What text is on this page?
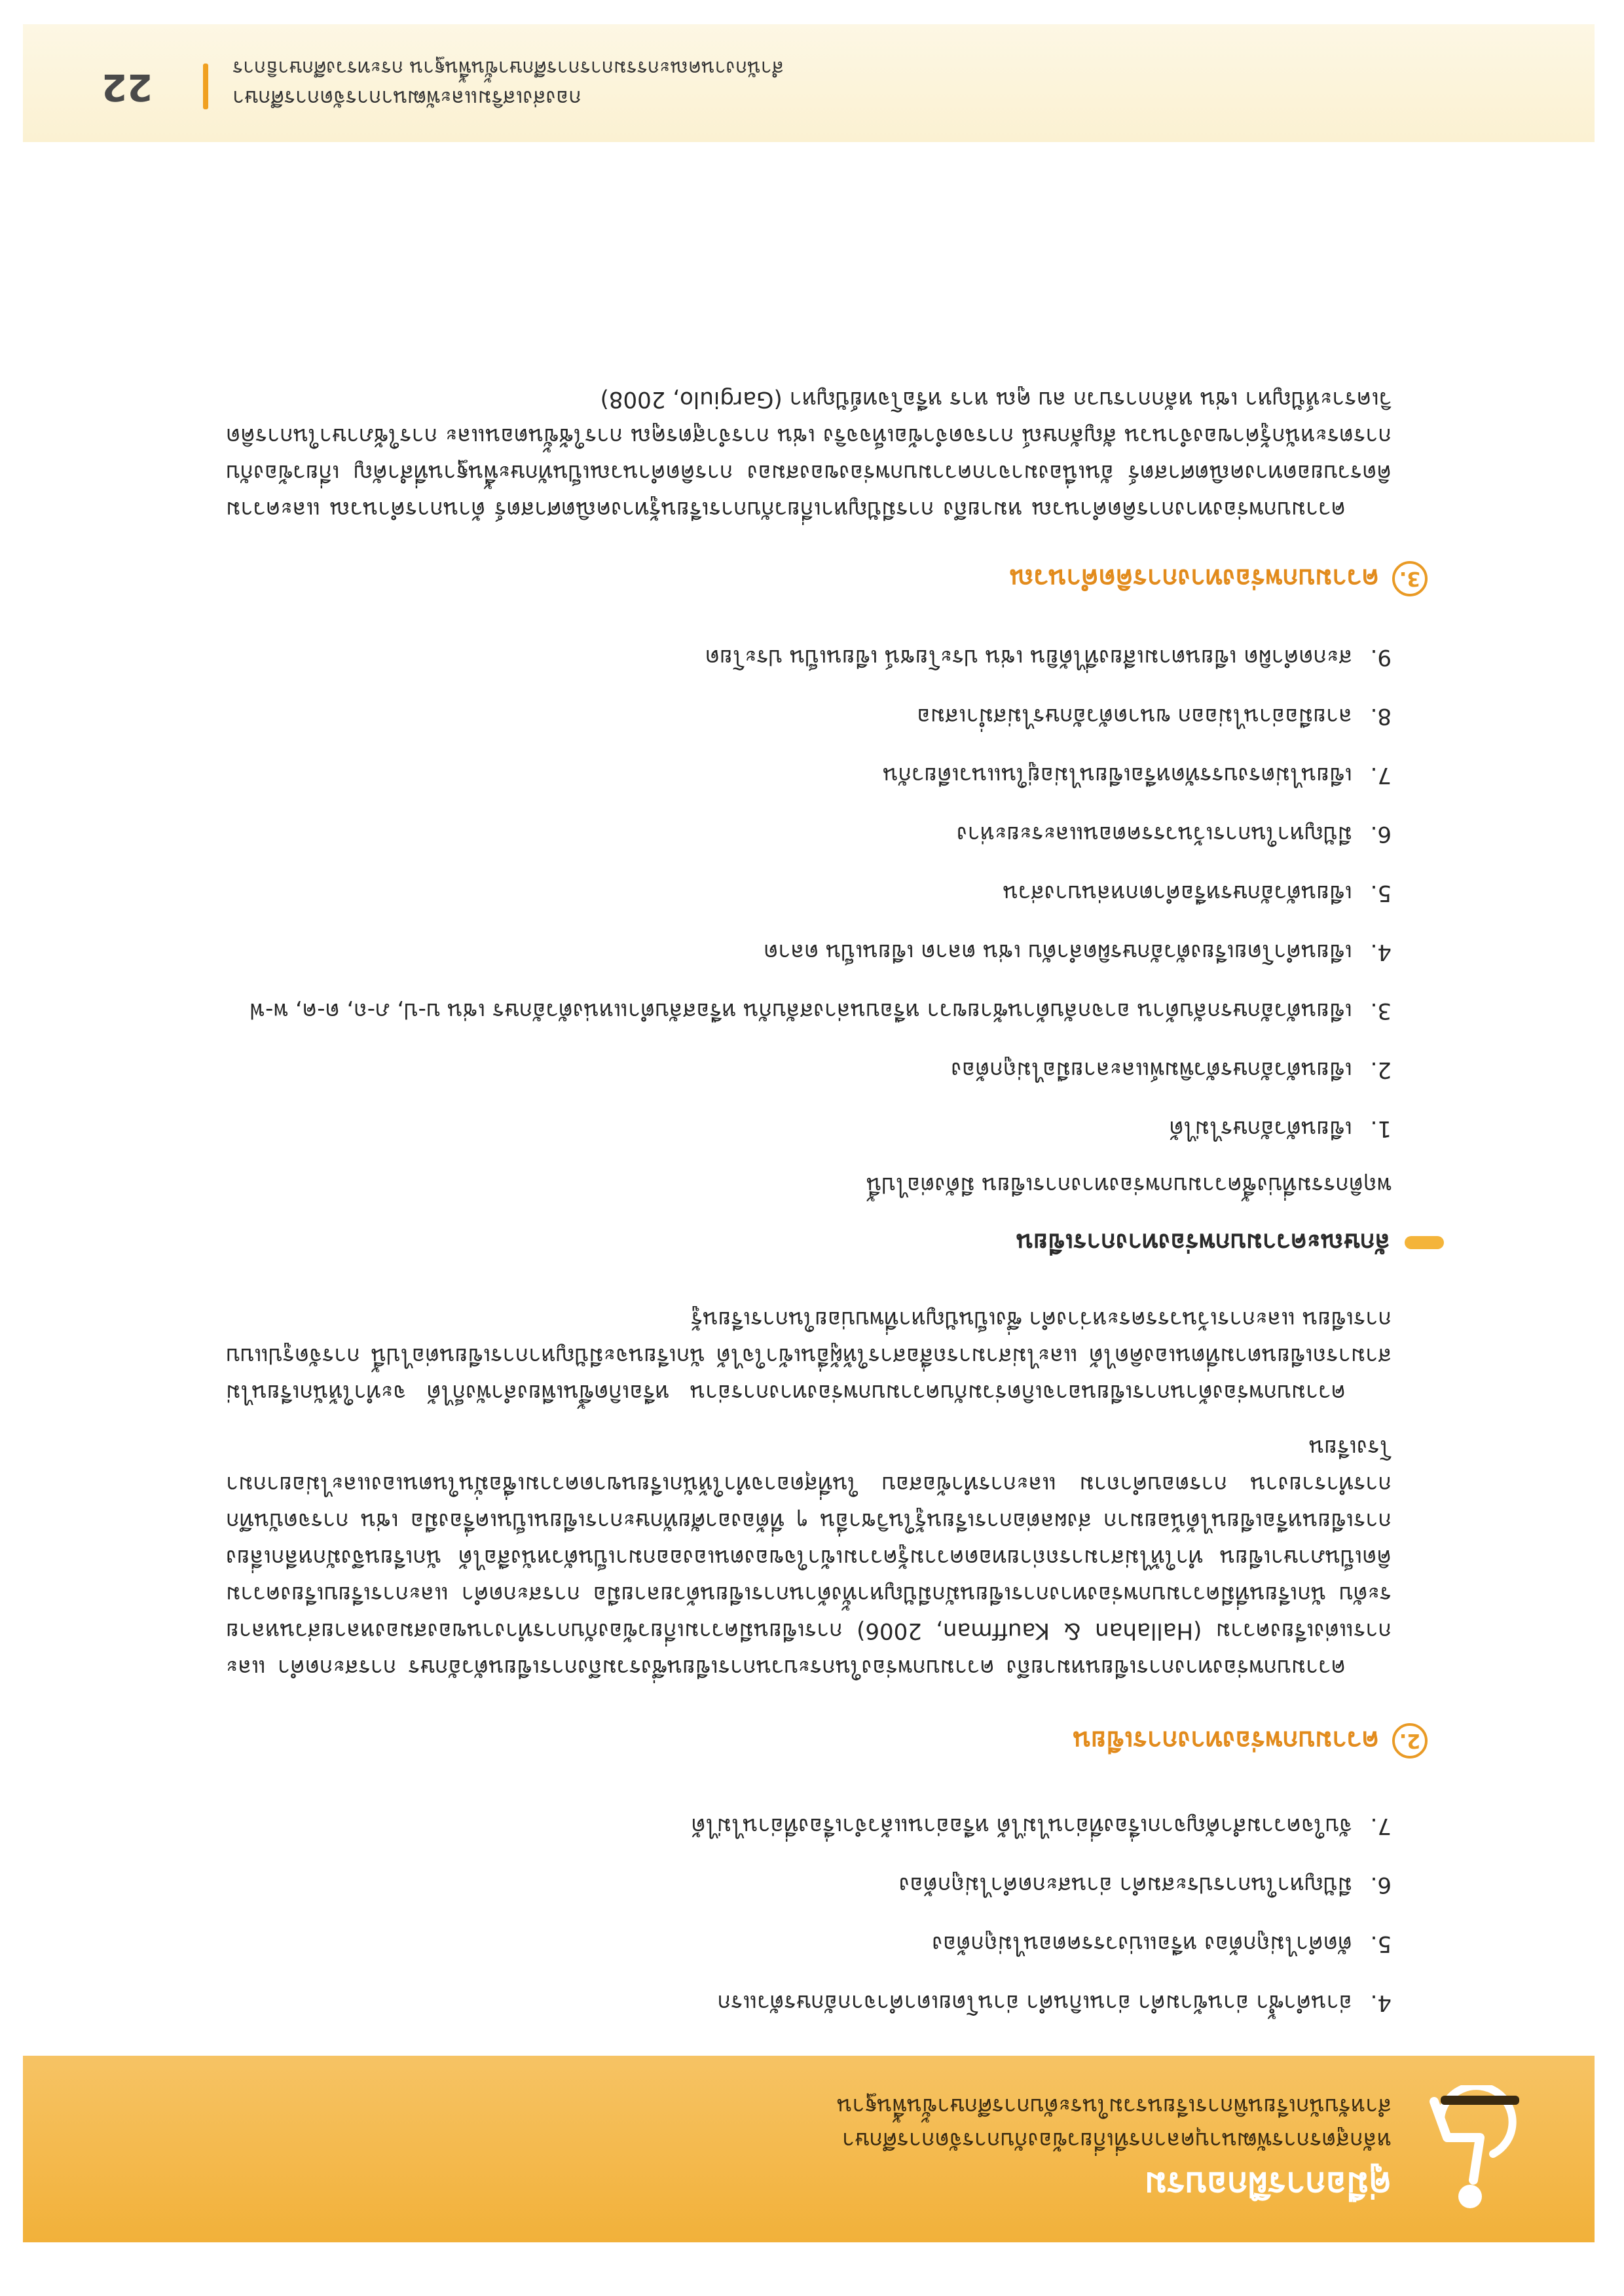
คู่มือการฝึกอบรม
หลักสูตรการพัฒนาบุคลากรที่เกี่ยวข้องกับการจัดการศึกษา
สำหรับนักเรียนพิการเรียนรวมในระดับการศึกษาขั้นพื้นฐาน
4.อ่านคำซ้ำ อ่านข้ามคำ อ่านเกินคำ อ่านโดยเดาคำจากอักษรตัวแรก
5.ตัดคำไม่ถูกต้อง หรือแบ่งวรรคตอนไม่ถูกต้อง
6.มีปัญหาในการประสมคำ อ่านสะกดคำไม่ถูกต้อง
7.จับใจความสำคัญจากเรื่องที่อ่านไม่ได้ หรืออ่านแล้วจำเรื่องที่อ่านไม่ได้
2.
ความบกพร่องทางการเขียน

ความบกพร่องทางการเขียนหมายถึง ความบกพร่องในกระบวนการเขียนซึ่งรวมถึงการเขียนตัวอักษร การสะกดคำ และการแต่งเรียงความ (Hallahan & Kauffman, 2006) การเขียนมีความเกี่ยวข้องกับการทำงานของสมองหลายส่วนหลายระดับ นักเรียนที่มีความบกพร่องทางการเขียนมักมีปัญหาทั้งด้านการเขียนด้วยลายมือ การสะกดคำ และการเรียบเรียงความคิดเป็นภาษาเขียน ทำให้ไม่สามารถถ่ายทอดความรู้ความเข้าใจของตนเองออกมาเป็นตัวหนังสือได้ นักเรียนจึงมักหลีกเลี่ยงการเขียนหรือเขียนได้น้อยมาก ส่งผลต่อการเรียนรู้ในวิชาอื่น ๆ ที่ต้องอาศัยทักษะการเขียนเป็นเครื่องมือ เช่น การจดบันทึก การทำรายงาน การตอบคำถาม และการทำข้อสอบ ในที่สุดอาจทำให้นักเรียนขาดความเชื่อมั่นในตนเองและไม่อยากมาโรงเรียน

ความบกพร่องด้านการเขียนอาจเกิดร่วมกับความบกพร่องทางการอ่าน หรือเกิดขึ้นเพียงลำพังก็ได้ จะทำให้นักเรียนไม่สามารถเขียนตามที่ตนเองคิดได้ และไม่สามารถสื่อสารให้ผู้อื่นเข้าใจได้ นักเรียนจะมีปัญหาการเขียนต่อไปนี้ การจัดรูปแบบการเขียน และการเว้นวรรคระหว่างคำ ซึ่งเป็นปัญหาที่พบบ่อยในการเรียนรู้

ลักษณะความบกพร่องทางการเขียน
พฤติกรรมที่บ่งชี้ความบกพร่องทางการเขียน มีดังต่อไปนี้
1.เขียนตัวอักษรไม่ได้
2.เขียนตัวอักษรตัวพิมพ์และลายมือไม่ถูกต้อง
3.เขียนตัวอักษรกลับด้าน อาจกลับด้านซ้ายขวา หรือบนล่างสลับกัน หรือสลับตำแหน่งตัวอักษร เช่น บ-ป, ภ-ถ, ด-ค, พ-ฟ
4.เขียนคำโดยเรียงตัวอักษรผิดลำดับ เช่น ตลาด เขียนเป็น ดลาด
5.เขียนตัวอักษรหรือคำตกหล่นบางส่วน
6.มีปัญหาในการเว้นวรรคตอนและระยะห่าง
7.เขียนไม่ตรงบรรทัดหรือเขียนไม่อยู่ในแนวเดียวกัน
8.ลายมืออ่านไม่ออก ขนาดตัวอักษรไม่สม่ำเสมอ
9.สะกดคำผิด เขียนตามเสียงที่ได้ยิน เช่น ประโยชน์ เขียนเป็น ประโยด
3.
ความบกพร่องทางการคิดคำนวณ

ความบกพร่องทางการคิดคำนวณ หมายถึง การมีปัญหาเกี่ยวกับการเรียนรู้ทางคณิตศาสตร์ ด้านการคำนวณ และความคิดรวบยอดทางคณิตศาสตร์ อันเนื่องมาจากความบกพร่องของสมอง การคิดคำนวณเป็นทักษะพื้นฐานที่สำคัญ เกี่ยวข้องกับการตระหนักรู้ค่าของจำนวน สัญลักษณ์ การจดจำข้อเท็จจริง เช่น การจำสูตรคูณ การใช้ขั้นตอนและ การใช้ภาษาในการคิดวิเคราะห์ปัญหา เช่น หลักการบวก ลบ คูณ หาร หรือโจทย์ปัญหา (Gargiulo, 2008)

กองส่งเสริมและพัฒนาการจัดการศึกษา
สำนักงานคณะกรรมการการศึกษาขั้นพื้นฐาน กระทรวงศึกษาธิการ
22
